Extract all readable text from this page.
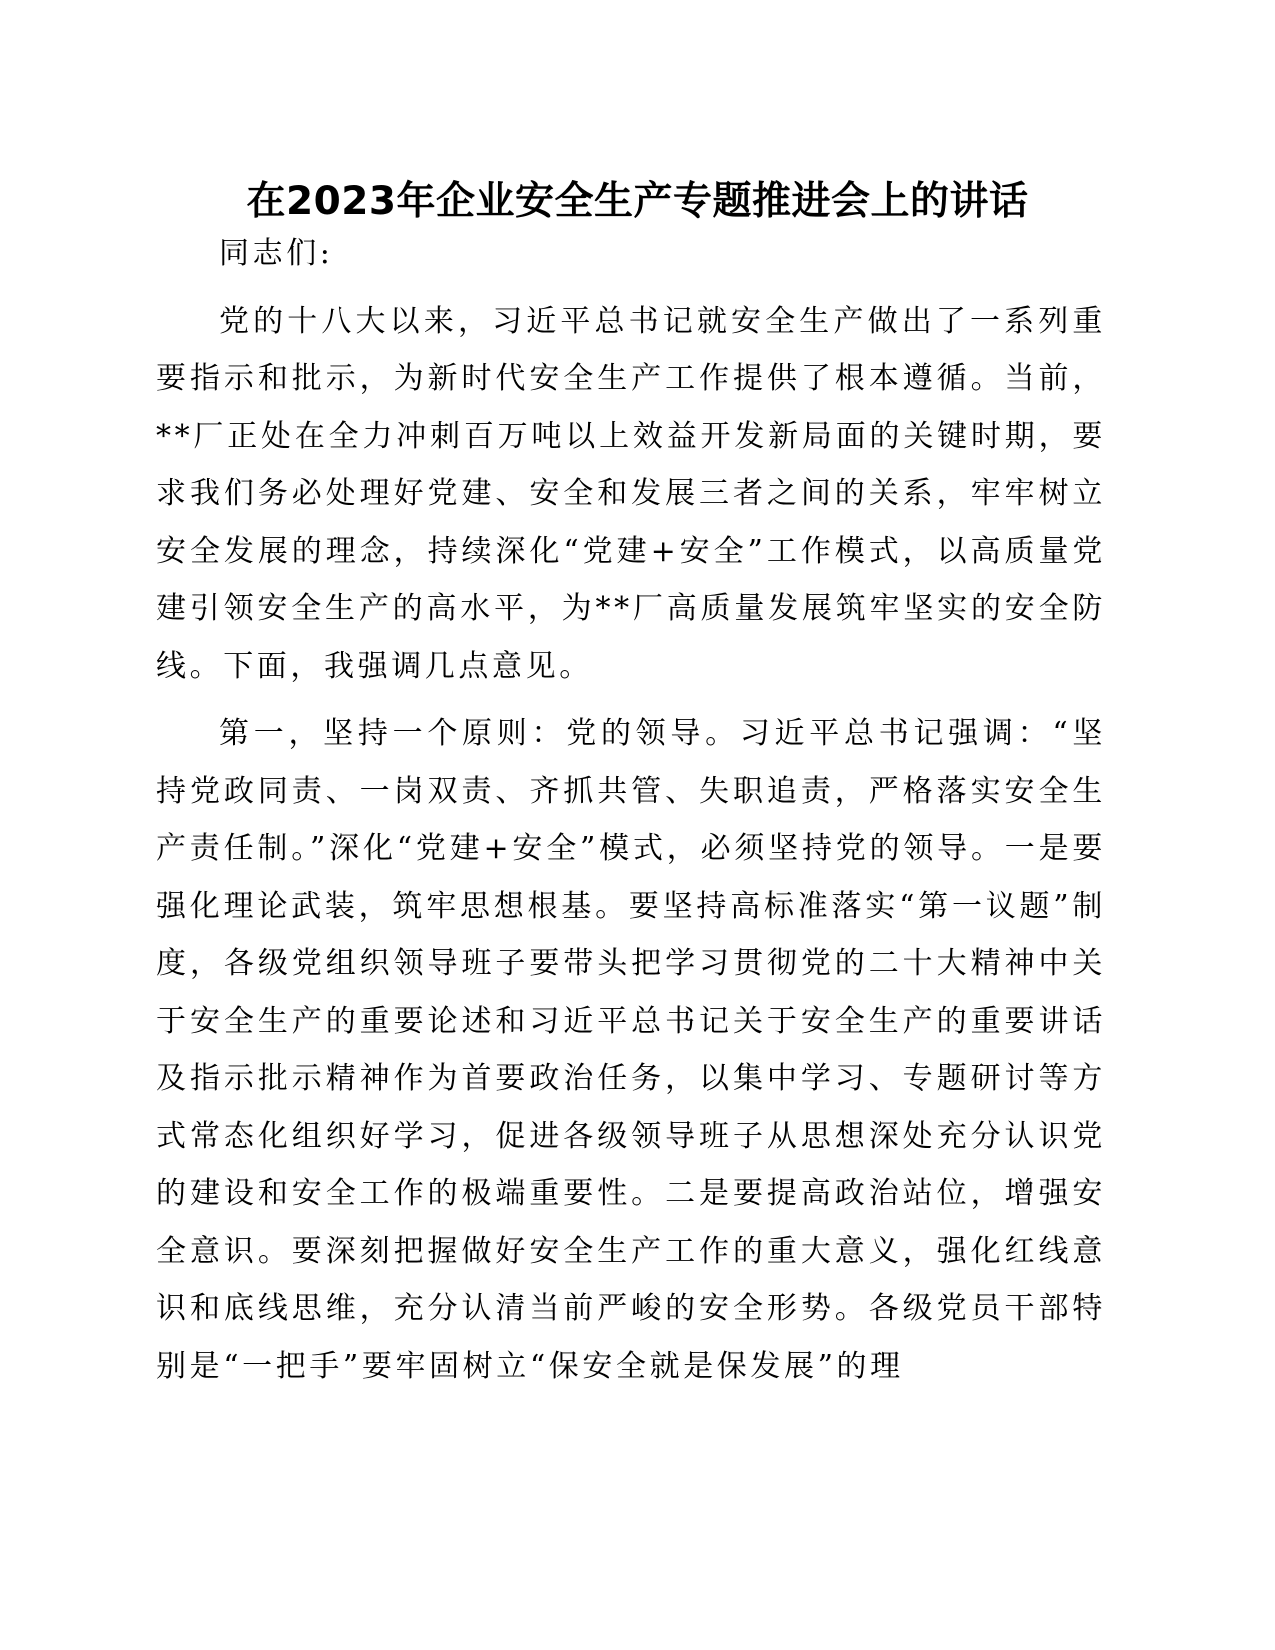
在2023年企业安全生产专题推进会上的讲话

同志们:

党的十八大以来，习近平总书记就安全生产做出了一系列重要指示和批示，为新时代安全生产工作提供了根本遵循。当前，**厂正处在全力冲刺百万吨以上效益开发新局面的关键时期，要求我们务必处理好党建、安全和发展三者之间的关系，牢牢树立安全发展的理念，持续深化“党建+安全”工作模式，以高质量党建引领安全生产的高水平，为**厂高质量发展筑牢坚实的安全防线。下面，我强调几点意见。

第一，坚持一个原则：党的领导。习近平总书记强调：“坚持党政同责、一岗双责、齐抓共管、失职追责，严格落实安全生产责任制。”深化“党建+安全”模式，必须坚持党的领导。一是要强化理论武装，筑牢思想根基。要坚持高标准落实“第一议题”制度，各级党组织领导班子要带头把学习贯彻党的二十大精神中关于安全生产的重要论述和习近平总书记关于安全生产的重要讲话及指示批示精神作为首要政治任务，以集中学习、专题研讨等方式常态化组织好学习，促进各级领导班子从思想深处充分认识党的建设和安全工作的极端重要性。二是要提高政治站位，增强安全意识。要深刻把握做好安全生产工作的重大意义，强化红线意识和底线思维，充分认清当前严峻的安全形势。各级党员干部特别是“一把手”要牢固树立“保安全就是保发展”的理
